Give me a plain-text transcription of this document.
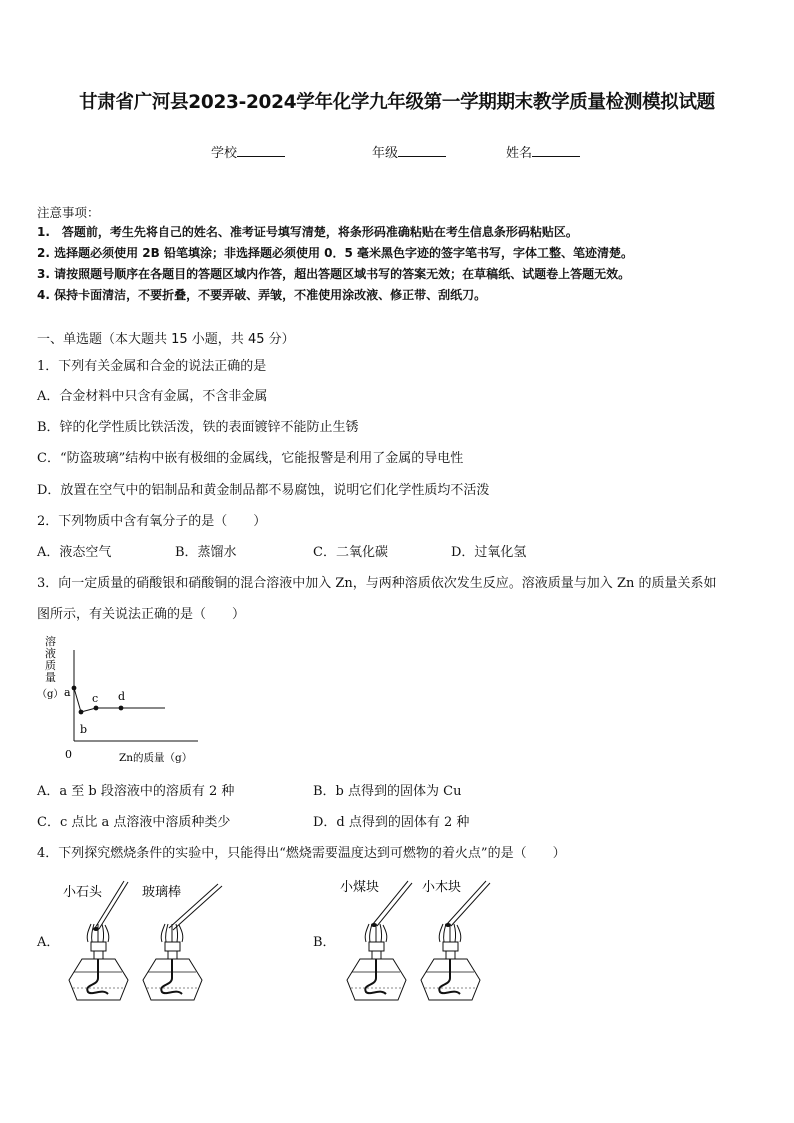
甘肃省广河县2023-2024学年化学九年级第一学期期末教学质量检测模拟试题
学校	年级	姓名
注意事项：
1.　答题前，考生先将自己的姓名、准考证号填写清楚，将条形码准确粘贴在考生信息条形码粘贴区。
2. 选择题必须使用 2B 铅笔填涂；非选择题必须使用 0．5 毫米黑色字迹的签字笔书写，字体工整、笔迹清楚。
3. 请按照题号顺序在各题目的答题区域内作答，超出答题区域书写的答案无效；在草稿纸、试题卷上答题无效。
4. 保持卡面清洁，不要折叠，不要弄破、弄皱，不准使用涂改液、修正带、刮纸刀。
一、单选题（本大题共 15 小题，共 45 分）
1．下列有关金属和合金的说法正确的是
A．合金材料中只含有金属，不含非金属
B．锌的化学性质比铁活泼，铁的表面镀锌不能防止生锈
C．“防盗玻璃”结构中嵌有极细的金属线，它能报警是利用了金属的导电性
D．放置在空气中的铝制品和黄金制品都不易腐蚀，说明它们化学性质均不活泼
2．下列物质中含有氧分子的是（　　）
A．液态空气	B．蒸馏水	C．二氧化碳	D．过氧化氢
3．向一定质量的硝酸银和硝酸铜的混合溶液中加入 Zn，与两种溶质依次发生反应。溶液质量与加入 Zn 的质量关系如
图所示，有关说法正确的是（　　）
溶
液
质
量
（g）
0	Zn的质量（g）
a
b
c d
A．a 至 b 段溶液中的溶质有 2 种	B．b 点得到的固体为 Cu
C．c 点比 a 点溶液中溶质种类少	D．d 点得到的固体有 2 种
4．下列探究燃烧条件的实验中，只能得出“燃烧需要温度达到可燃物的着火点”的是（　　）
A．	B．
小石头	玻璃棒	小煤块	小木块
